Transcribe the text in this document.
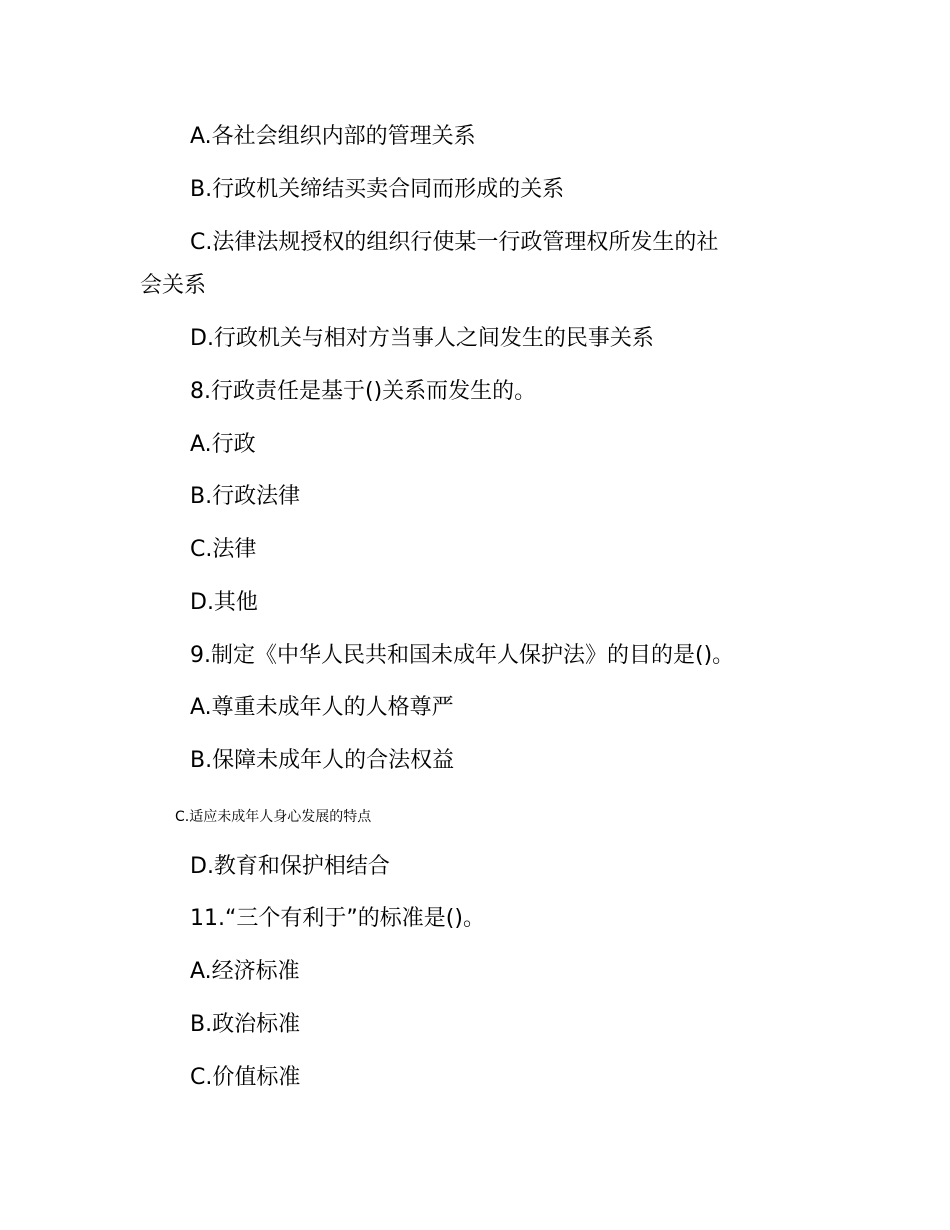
A.各社会组织内部的管理关系
B.行政机关缔结买卖合同而形成的关系
C.法律法规授权的组织行使某一行政管理权所发生的社
会关系
D.行政机关与相对方当事人之间发生的民事关系
8.行政责任是基于()关系而发生的。
A.行政
B.行政法律
C.法律
D.其他
9.制定《中华人民共和国未成年人保护法》的目的是()。
A.尊重未成年人的人格尊严
B.保障未成年人的合法权益
C.适应未成年人身心发展的特点
D.教育和保护相结合
11.“三个有利于”的标准是()。
A.经济标准
B.政治标准
C.价值标准
